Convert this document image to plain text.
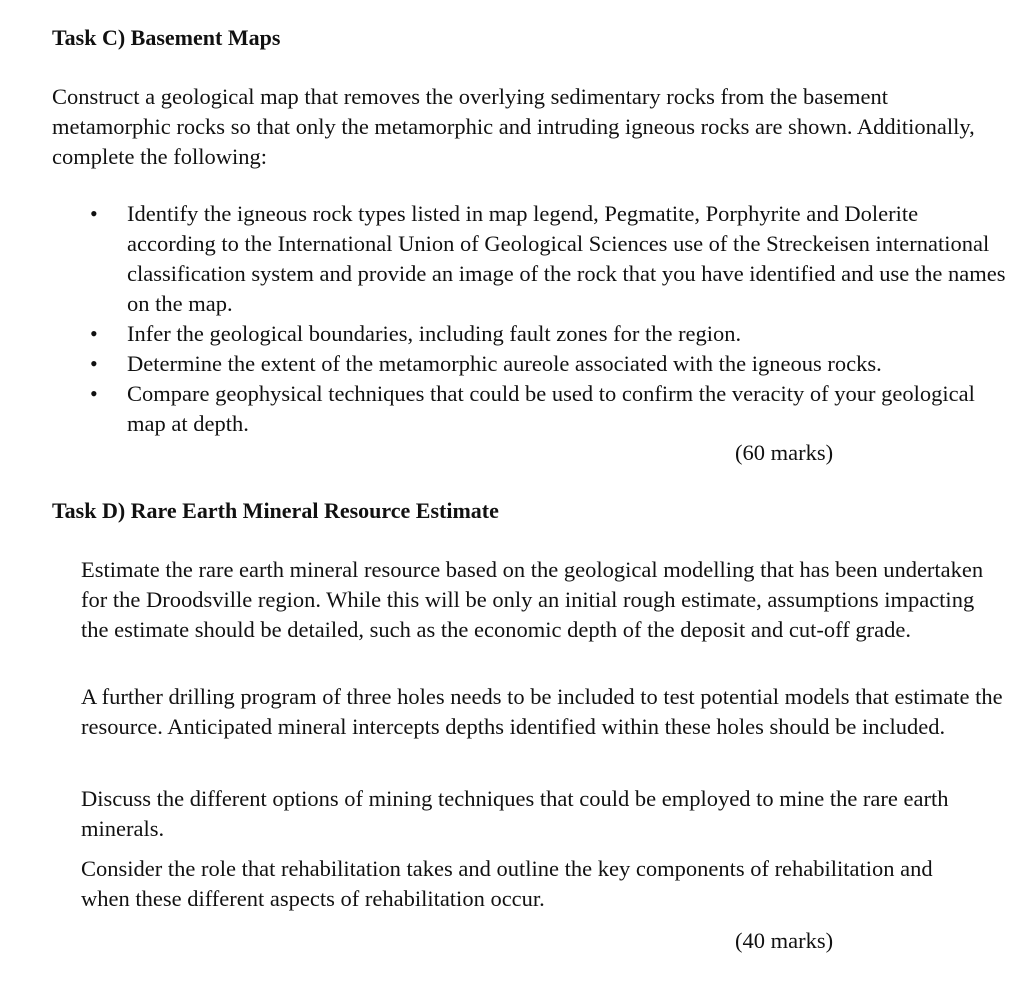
Task C) Basement Maps

Construct a geological map that removes the overlying sedimentary rocks from the basement metamorphic rocks so that only the metamorphic and intruding igneous rocks are shown. Additionally, complete the following:

•	Identify the igneous rock types listed in map legend, Pegmatite, Porphyrite and Dolerite according to the International Union of Geological Sciences use of the Streckeisen international classification system and provide an image of the rock that you have identified and use the names on the map.
•	Infer the geological boundaries, including fault zones for the region.
•	Determine the extent of the metamorphic aureole associated with the igneous rocks.
•	Compare geophysical techniques that could be used to confirm the veracity of your geological map at depth.
(60 marks)
Task D) Rare Earth Mineral Resource Estimate

Estimate the rare earth mineral resource based on the geological modelling that has been undertaken for the Droodsville region. While this will be only an initial rough estimate, assumptions impacting the estimate should be detailed, such as the economic depth of the deposit and cut-off grade.

A further drilling program of three holes needs to be included to test potential models that estimate the resource. Anticipated mineral intercepts depths identified within these holes should be included.

Discuss the different options of mining techniques that could be employed to mine the rare earth minerals.

Consider the role that rehabilitation takes and outline the key components of rehabilitation and when these different aspects of rehabilitation occur.

(40 marks)
